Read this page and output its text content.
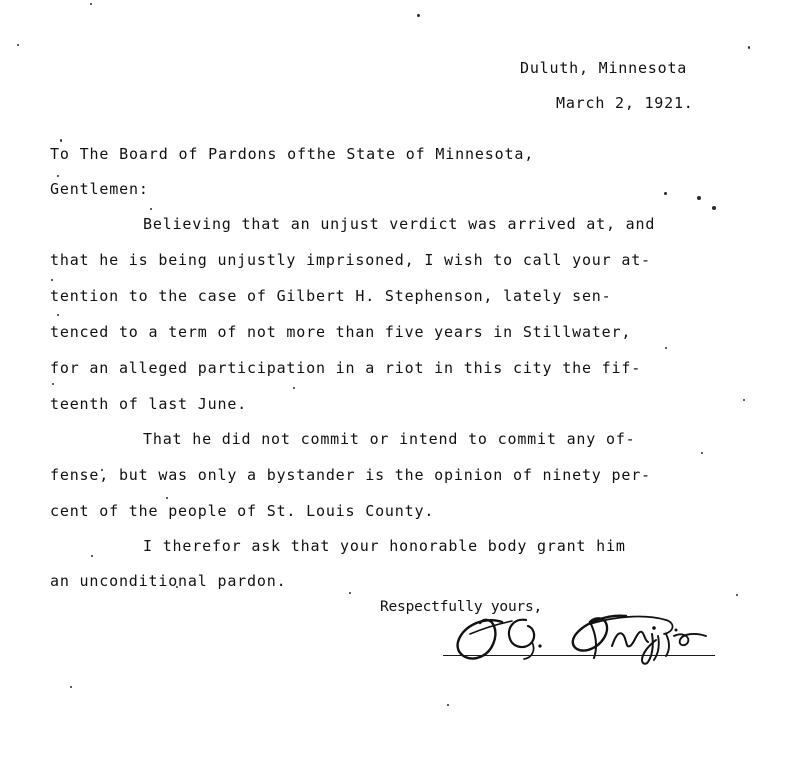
Duluth, Minnesota
March 2, 1921.
To The Board of Pardons ofthe State of Minnesota,
Gentlemen:
Believing that an unjust verdict was arrived at, and
that he is being unjustly imprisoned, I wish to call your at-
tention to the case of Gilbert H. Stephenson, lately sen-
tenced to a term of not more than five years in Stillwater,
for an alleged participation in a riot in this city the fif-
teenth of last June.
That he did not commit or intend to commit any of-
fense, but was only a bystander is the opinion of ninety per-
cent of the people of St. Louis County.
I therefor ask that your honorable body grant him
an unconditional pardon.
Respectfully yours,
